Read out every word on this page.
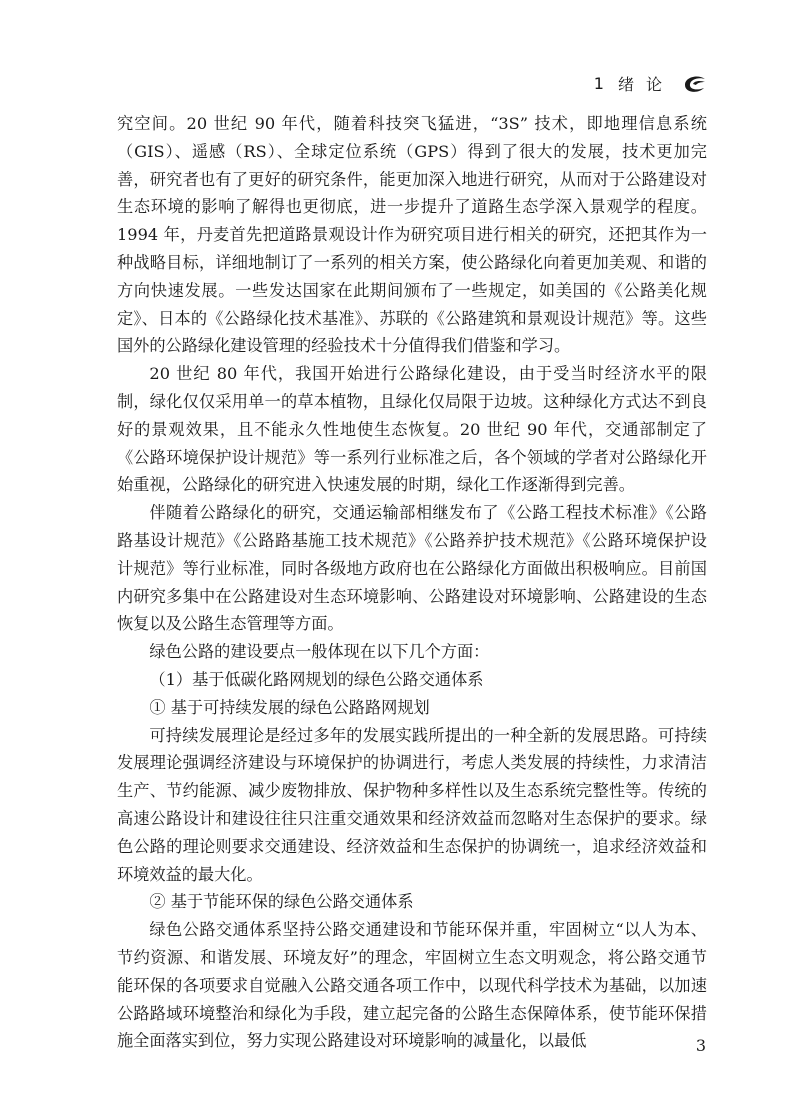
1 绪论

究空间。20 世纪 90 年代，随着科技突飞猛进，“3S” 技术，即地理信息系统（GIS）、遥感（RS）、全球定位系统（GPS）得到了很大的发展，技术更加完善，研究者也有了更好的研究条件，能更加深入地进行研究，从而对于公路建设对生态环境的影响了解得也更彻底，进一步提升了道路生态学深入景观学的程度。1994 年，丹麦首先把道路景观设计作为研究项目进行相关的研究，还把其作为一种战略目标，详细地制订了一系列的相关方案，使公路绿化向着更加美观、和谐的方向快速发展。一些发达国家在此期间颁布了一些规定，如美国的《公路美化规定》、日本的《公路绿化技术基准》、苏联的《公路建筑和景观设计规范》等。这些国外的公路绿化建设管理的经验技术十分值得我们借鉴和学习。

20 世纪 80 年代，我国开始进行公路绿化建设，由于受当时经济水平的限制，绿化仅仅采用单一的草本植物，且绿化仅局限于边坡。这种绿化方式达不到良好的景观效果，且不能永久性地使生态恢复。20 世纪 90 年代，交通部制定了《公路环境保护设计规范》等一系列行业标准之后，各个领域的学者对公路绿化开始重视，公路绿化的研究进入快速发展的时期，绿化工作逐渐得到完善。

伴随着公路绿化的研究，交通运输部相继发布了《公路工程技术标准》《公路路基设计规范》《公路路基施工技术规范》《公路养护技术规范》《公路环境保护设计规范》等行业标准，同时各级地方政府也在公路绿化方面做出积极响应。目前国内研究多集中在公路建设对生态环境影响、公路建设对环境影响、公路建设的生态恢复以及公路生态管理等方面。

绿色公路的建设要点一般体现在以下几个方面：

（1）基于低碳化路网规划的绿色公路交通体系

① 基于可持续发展的绿色公路路网规划

可持续发展理论是经过多年的发展实践所提出的一种全新的发展思路。可持续发展理论强调经济建设与环境保护的协调进行，考虑人类发展的持续性，力求清洁生产、节约能源、减少废物排放、保护物种多样性以及生态系统完整性等。传统的高速公路设计和建设往往只注重交通效果和经济效益而忽略对生态保护的要求。绿色公路的理论则要求交通建设、经济效益和生态保护的协调统一，追求经济效益和环境效益的最大化。

② 基于节能环保的绿色公路交通体系

绿色公路交通体系坚持公路交通建设和节能环保并重，牢固树立“以人为本、节约资源、和谐发展、环境友好”的理念，牢固树立生态文明观念，将公路交通节能环保的各项要求自觉融入公路交通各项工作中，以现代科学技术为基础，以加速公路路域环境整治和绿化为手段，建立起完备的公路生态保障体系，使节能环保措施全面落实到位，努力实现公路建设对环境影响的减量化，以最低	3
